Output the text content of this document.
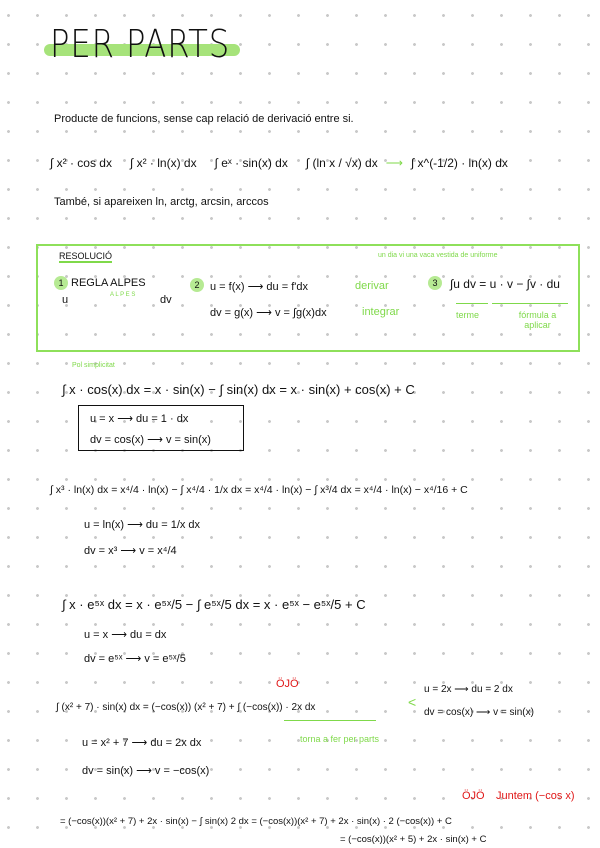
PER PARTS
Producte de funcions, sense cap relació de derivació entre si.
∫ x² · cos dx ∫ x² · ln(x) dx ∫ eˣ · sin(x) dx ∫ (ln x / √x) dx ⟶ ∫ x^(-1/2) · ln(x) dx
També, si apareixen ln, arctg, arcsin, arccos
RESOLUCIÓ
1 REGLA ALPES
A L P E S
u	dv
2 u = f(x) ⟶ du = f'dx	derivar
dv = g(x) ⟶ v = ∫g(x)dx	integrar
un dia vi una vaca vestida de uniforme
3	∫u dv = u · v − ∫v · du
terme	fórmula a aplicar
Pol simplicitat
∫ x · cos(x) dx = x · sin(x) − ∫ sin(x) dx = x · sin(x) + cos(x) + C
u = x ⟶ du = 1 · dx
dv = cos(x) ⟶ v = sin(x)
∫ x³ · ln(x) dx = x⁴/4 · ln(x) − ∫ x⁴/4 · 1/x dx = x⁴/4 · ln(x) − ∫ x³/4 dx = x⁴/4 · ln(x) − x⁴/16 + C
u = ln(x) ⟶ du = 1/x dx
dv = x³ ⟶ v = x⁴/4
∫ x · e⁵ˣ dx = x · e⁵ˣ/5 − ∫ e⁵ˣ/5 dx = x · e⁵ˣ − e⁵ˣ/5 + C
u = x ⟶ du = dx
dv = e⁵ˣ ⟶ v = e⁵ˣ/5
ÖJÖ
∫ (x² + 7) · sin(x) dx = (−cos(x)) (x² + 7) + ∫ (−cos(x)) · 2x dx
torna a fer per parts
<
u = 2x ⟶ du = 2 dx
dv = cos(x) ⟶ v = sin(x)
u = x² + 7 ⟶ du = 2x dx
dv = sin(x) ⟶ v = −cos(x)
ÖJÖ Juntem (−cos x)
= (−cos(x))(x² + 7) + 2x · sin(x) − ∫ sin(x) 2 dx = (−cos(x))(x² + 7) + 2x · sin(x) · 2 (−cos(x)) + C
= (−cos(x))(x² + 5) + 2x · sin(x) + C
